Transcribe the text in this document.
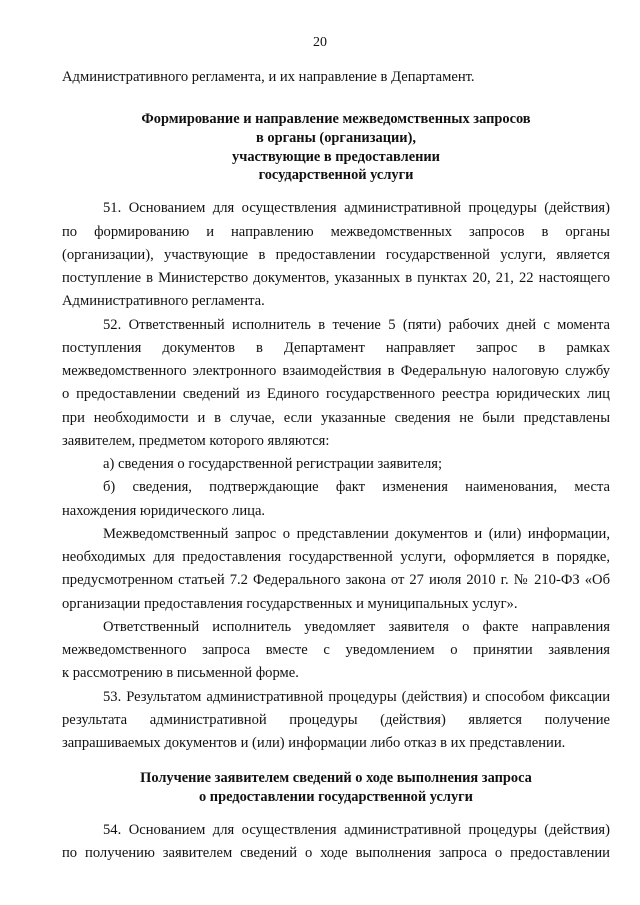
20
Административного регламента, и их направление в Департамент.
Формирование и направление межведомственных запросов
в органы (организации),
участвующие в предоставлении
государственной услуги
51. Основанием для осуществления административной процедуры (действия)
по формированию и направлению межведомственных запросов в органы
(организации), участвующие в предоставлении государственной услуги, является
поступление в Министерство документов, указанных в пунктах 20, 21, 22 настоящего
Административного регламента.
52. Ответственный исполнитель в течение 5 (пяти) рабочих дней с момента
поступления документов в Департамент направляет запрос в рамках
межведомственного электронного взаимодействия в Федеральную налоговую службу
о предоставлении сведений из Единого государственного реестра юридических лиц
при необходимости и в случае, если указанные сведения не были представлены
заявителем, предметом которого являются:
а) сведения о государственной регистрации заявителя;
б) сведения, подтверждающие факт изменения наименования, места
нахождения юридического лица.
Межведомственный запрос о представлении документов и (или) информации,
необходимых для предоставления государственной услуги, оформляется в порядке,
предусмотренном статьей 7.2 Федерального закона от 27 июля 2010 г. № 210-ФЗ «Об
организации предоставления государственных и муниципальных услуг».
Ответственный исполнитель уведомляет заявителя о факте направления
межведомственного запроса вместе с уведомлением о принятии заявления
к рассмотрению в письменной форме.
53. Результатом административной процедуры (действия) и способом фиксации
результата административной процедуры (действия) является получение
запрашиваемых документов и (или) информации либо отказ в их представлении.
Получение заявителем сведений о ходе выполнения запроса
о предоставлении государственной услуги
54. Основанием для осуществления административной процедуры (действия)
по получению заявителем сведений о ходе выполнения запроса о предоставлении
